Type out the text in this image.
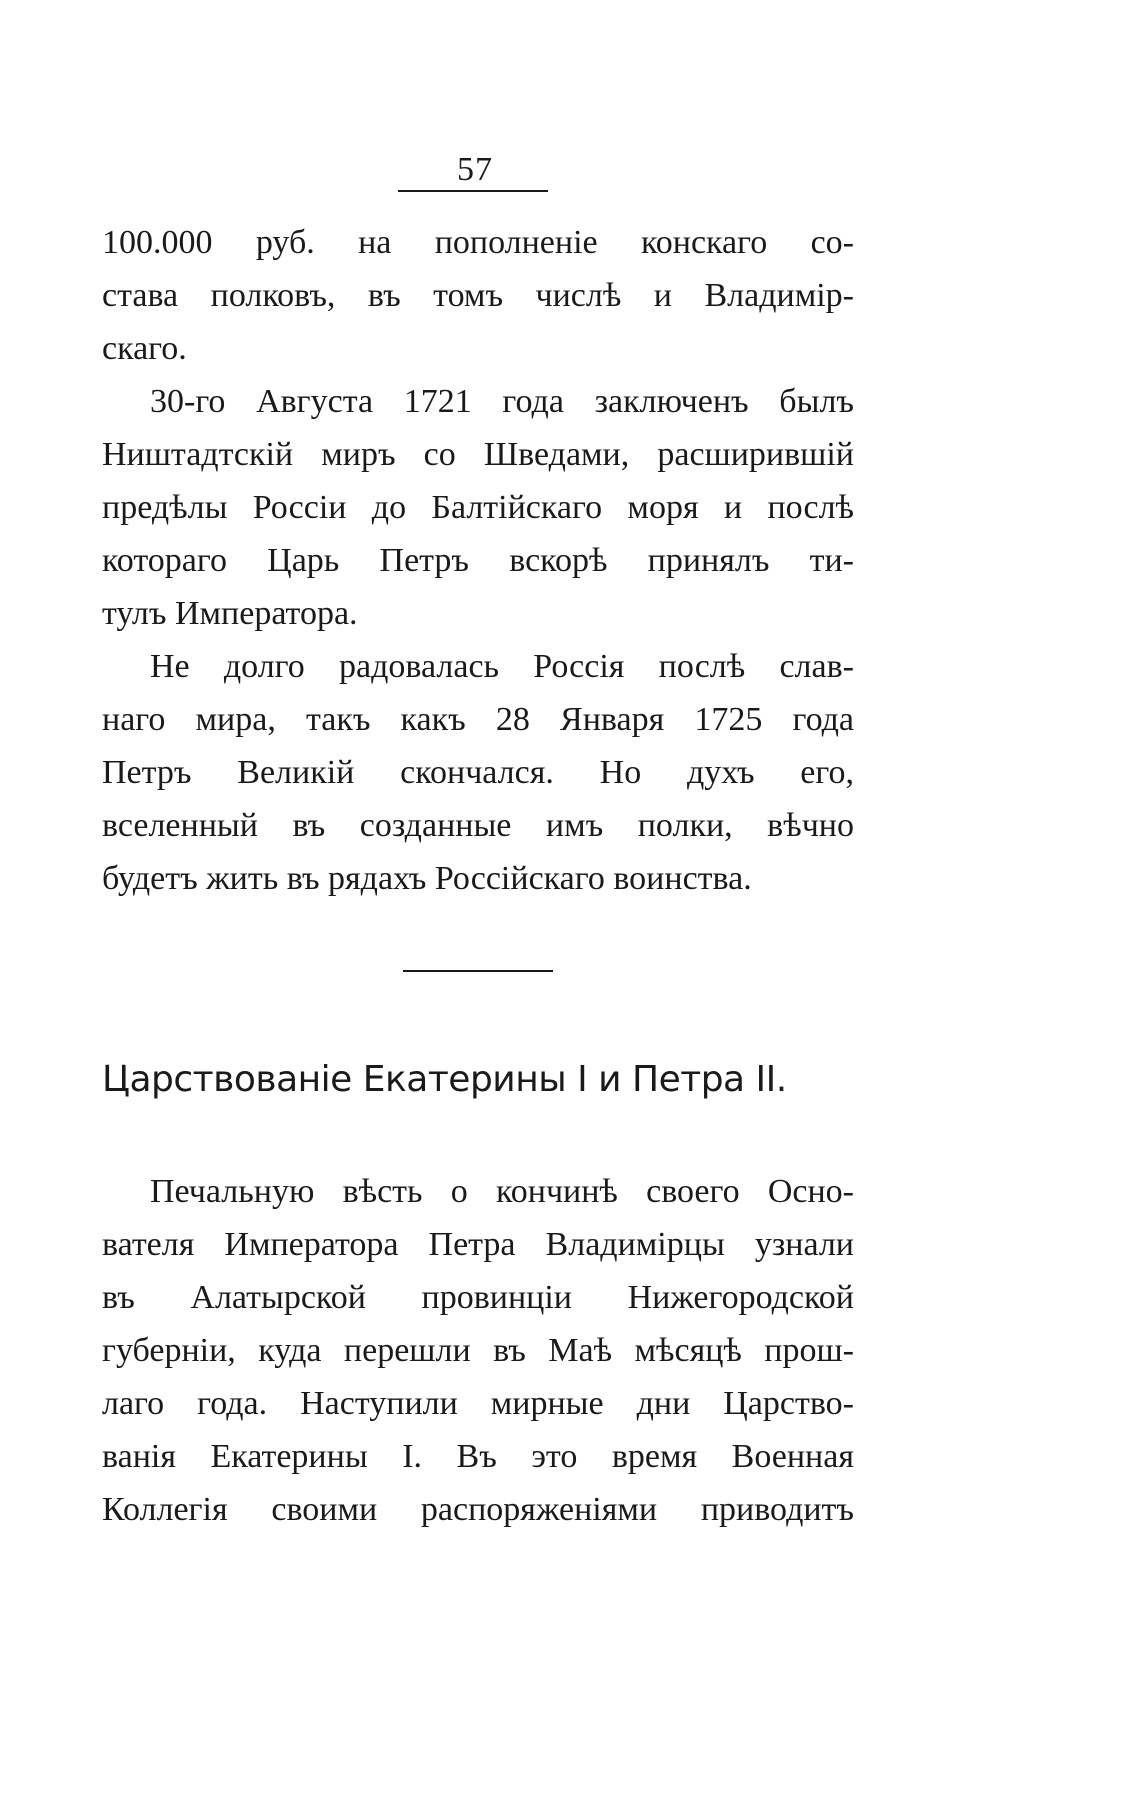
57
100.000 руб. на пополненіе конскаго со-
става полковъ, въ томъ числѣ и Владимір-
скаго.
30-го Августа 1721 года заключенъ былъ
Ништадтскій миръ со Шведами, расширившій
предѣлы Россіи до Балтійскаго моря и послѣ
котораго Царь Петръ вскорѣ принялъ ти-
тулъ Императора.
Не долго радовалась Россія послѣ слав-
наго мира, такъ какъ 28 Января 1725 года
Петръ Великій скончался. Но духъ его,
вселенный въ созданные имъ полки, вѣчно
будетъ жить въ рядахъ Россійскаго воинства.
Царствованіе Екатерины I и Петра II.
Печальную вѣсть о кончинѣ своего Осно-
вателя Императора Петра Владимірцы узнали
въ Алатырской провинціи Нижегородской
губерніи, куда перешли въ Маѣ мѣсяцѣ прош-
лаго года. Наступили мирные дни Царство-
ванія Екатерины I. Въ это время Военная
Коллегія своими распоряженіями приводитъ
